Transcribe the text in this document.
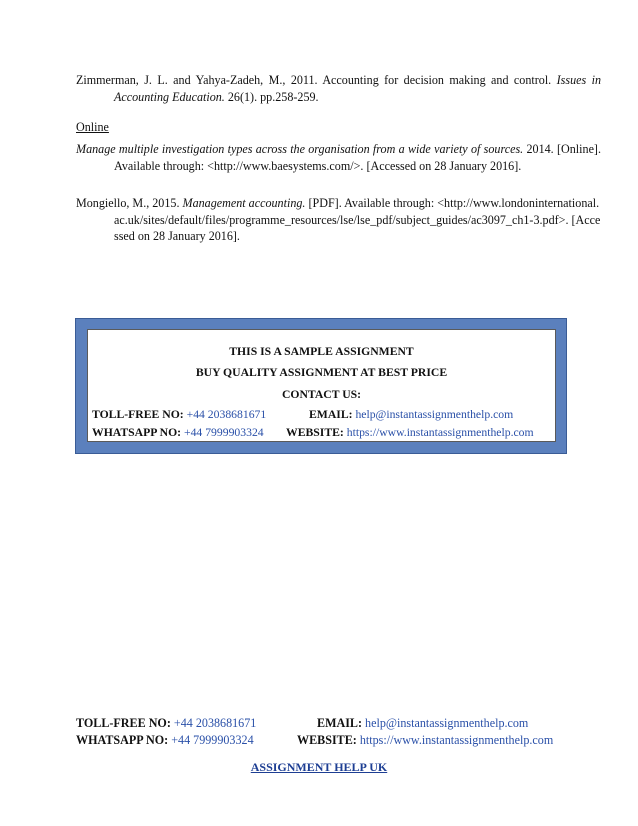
Zimmerman, J. L. and Yahya-Zadeh, M., 2011. Accounting for decision making and control. Issues in Accounting Education. 26(1). pp.258-259.
Online
Manage multiple investigation types across the organisation from a wide variety of sources. 2014. [Online]. Available through: <http://www.baesystems.com/>. [Accessed on 28 January 2016].
Mongiello, M., 2015. Management accounting. [PDF]. Available through: <http://www.londoninternational.ac.uk/sites/default/files/programme_resources/lse/lse_pdf/subject_guides/ac3097_ch1-3.pdf>. [Accessed on 28 January 2016].
THIS IS A SAMPLE ASSIGNMENT
BUY QUALITY ASSIGNMENT AT BEST PRICE
CONTACT US:
TOLL-FREE NO: +44 2038681671	EMAIL: help@instantassignmenthelp.com
WHATSAPP NO: +44 7999903324 WEBSITE: https://www.instantassignmenthelp.com
TOLL-FREE NO: +44 2038681671	EMAIL: help@instantassignmenthelp.com
WHATSAPP NO: +44 7999903324	WEBSITE: https://www.instantassignmenthelp.com
ASSIGNMENT HELP UK
